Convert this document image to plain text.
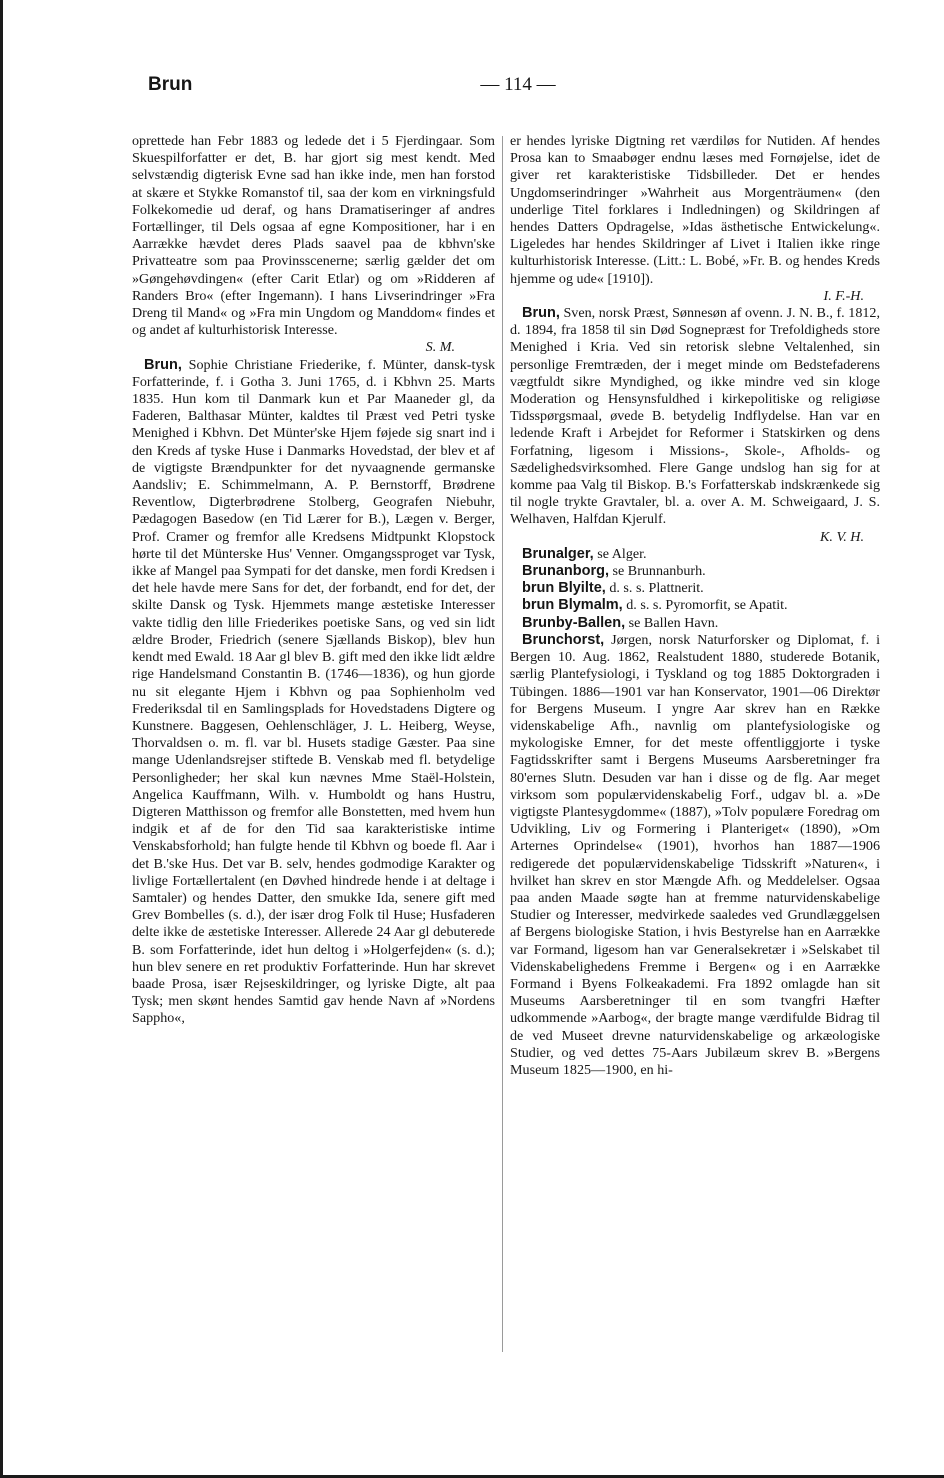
Brun	— 114 —

oprettede han Febr 1883 og ledede det i 5 Fjerdingaar. Som Skuespilforfatter er det, B. har gjort sig mest kendt. Med selvstændig digterisk Evne sad han ikke inde, men han forstod at skære et Stykke Romanstof til, saa der kom en virkningsfuld Folkekomedie ud deraf, og hans Dramatiseringer af andres Fortællinger, til Dels ogsaa af egne Kompositioner, har i en Aarrække hævdet deres Plads saavel paa de kbhvn'ske Privatteatre som paa Provinsscenerne; særlig gælder det om »Gøngehøvdingen« (efter Carit Etlar) og om »Ridderen af Randers Bro« (efter Ingemann). I hans Livserindringer »Fra Dreng til Mand« og »Fra min Ungdom og Manddom« findes et og andet af kulturhistorisk Interesse.
S. M.

Brun, Sophie Christiane Friederike, f. Münter, dansk-tysk Forfatterinde, f. i Gotha 3. Juni 1765, d. i Kbhvn 25. Marts 1835. Hun kom til Danmark kun et Par Maaneder gl, da Faderen, Balthasar Münter, kaldtes til Præst ved Petri tyske Menighed i Kbhvn. Det Münter'ske Hjem føjede sig snart ind i den Kreds af tyske Huse i Danmarks Hovedstad, der blev et af de vigtigste Brændpunkter for det nyvaagnende germanske Aandsliv; E. Schimmelmann, A. P. Bernstorff, Brødrene Reventlow, Digterbrødrene Stolberg, Geografen Niebuhr, Pædagogen Basedow (en Tid Lærer for B.), Lægen v. Berger, Prof. Cramer og fremfor alle Kredsens Midtpunkt Klopstock hørte til det Münterske Hus' Venner. Omgangssproget var Tysk, ikke af Mangel paa Sympati for det danske, men fordi Kredsen i det hele havde mere Sans for det, der forbandt, end for det, der skilte Dansk og Tysk. Hjemmets mange æstetiske Interesser vakte tidlig den lille Friederikes poetiske Sans, og ved sin lidt ældre Broder, Friedrich (senere Sjællands Biskop), blev hun kendt med Ewald. 18 Aar gl blev B. gift med den ikke lidt ældre rige Handelsmand Constantin B. (1746—1836), og hun gjorde nu sit elegante Hjem i Kbhvn og paa Sophienholm ved Frederiksdal til en Samlingsplads for Hovedstadens Digtere og Kunstnere. Baggesen, Oehlenschläger, J. L. Heiberg, Weyse, Thorvaldsen o. m. fl. var bl. Husets stadige Gæster. Paa sine mange Udenlandsrejser stiftede B. Venskab med fl. betydelige Personligheder; her skal kun nævnes Mme Staël-Holstein, Angelica Kauffmann, Wilh. v. Humboldt og hans Hustru, Digteren Matthisson og fremfor alle Bonstetten, med hvem hun indgik et af de for den Tid saa karakteristiske intime Venskabsforhold; han fulgte hende til Kbhvn og boede fl. Aar i det B.'ske Hus. Det var B. selv, hendes godmodige Karakter og livlige Fortællertalent (en Døvhed hindrede hende i at deltage i Samtaler) og hendes Datter, den smukke Ida, senere gift med Grev Bombelles (s. d.), der især drog Folk til Huse; Husfaderen delte ikke de æstetiske Interesser. Allerede 24 Aar gl debuterede B. som Forfatterinde, idet hun deltog i »Holgerfejden« (s. d.); hun blev senere en ret produktiv Forfatterinde. Hun har skrevet baade Prosa, især Rejseskildringer, og lyriske Digte, alt paa Tysk; men skønt hendes Samtid gav hende Navn af »Nordens Sappho«,

er hendes lyriske Digtning ret værdiløs for Nutiden. Af hendes Prosa kan to Smaabøger endnu læses med Fornøjelse, idet de giver ret karakteristiske Tidsbilleder. Det er hendes Ungdomserindringer »Wahrheit aus Morgenträumen« (den underlige Titel forklares i Indledningen) og Skildringen af hendes Datters Opdragelse, »Idas ästhetische Entwickelung«. Ligeledes har hendes Skildringer af Livet i Italien ikke ringe kulturhistorisk Interesse. (Litt.: L. Bobé, »Fr. B. og hendes Kreds hjemme og ude« [1910]).
I. F.-H.

Brun, Sven, norsk Præst, Sønnesøn af ovenn. J. N. B., f. 1812, d. 1894, fra 1858 til sin Død Sognepræst for Trefoldigheds store Menighed i Kria. Ved sin retorisk slebne Veltalenhed, sin personlige Fremtræden, der i meget minde om Bedstefaderens vægtfuldt sikre Myndighed, og ikke mindre ved sin kloge Moderation og Hensynsfuldhed i kirkepolitiske og religiøse Tidsspørgsmaal, øvede B. betydelig Indflydelse. Han var en ledende Kraft i Arbejdet for Reformer i Statskirken og dens Forfatning, ligesom i Missions-, Skole-, Afholds- og Sædelighedsvirksomhed. Flere Gange undslog han sig for at komme paa Valg til Biskop. B.'s Forfatterskab indskrænkede sig til nogle trykte Gravtaler, bl. a. over A. M. Schweigaard, J. S. Welhaven, Halfdan Kjerulf.
K. V. H.

Brunalger, se Alger.

Brunanborg, se Brunnanburh.

brun Blyilte, d. s. s. Plattnerit.

brun Blymalm, d. s. s. Pyromorfit, se Apatit.

Brunby-Ballen, se Ballen Havn.

Brunchorst, Jørgen, norsk Naturforsker og Diplomat, f. i Bergen 10. Aug. 1862, Realstudent 1880, studerede Botanik, særlig Plantefysiologi, i Tyskland og tog 1885 Doktorgraden i Tübingen. 1886—1901 var han Konservator, 1901—06 Direktør for Bergens Museum. I yngre Aar skrev han en Række videnskabelige Afh., navnlig om plantefysiologiske og mykologiske Emner, for det meste offentliggjorte i tyske Fagtidsskrifter samt i Bergens Museums Aarsberetninger fra 80'ernes Slutn. Desuden var han i disse og de flg. Aar meget virksom som populærvidenskabelig Forf., udgav bl. a. »De vigtigste Plantesygdomme« (1887), »Tolv populære Foredrag om Udvikling, Liv og Formering i Planteriget« (1890), »Om Arternes Oprindelse« (1901), hvorhos han 1887—1906 redigerede det populærvidenskabelige Tidsskrift »Naturen«, i hvilket han skrev en stor Mængde Afh. og Meddelelser. Ogsaa paa anden Maade søgte han at fremme naturvidenskabelige Studier og Interesser, medvirkede saaledes ved Grundlæggelsen af Bergens biologiske Station, i hvis Bestyrelse han en Aarrække var Formand, ligesom han var Generalsekretær i »Selskabet til Videnskabelighedens Fremme i Bergen« og i en Aarrække Formand i Byens Folkeakademi. Fra 1892 omlagde han sit Museums Aarsberetninger til en som tvangfri Hæfter udkommende »Aarbog«, der bragte mange værdifulde Bidrag til de ved Museet drevne naturvidenskabelige og arkæologiske Studier, og ved dettes 75-Aars Jubilæum skrev B. »Bergens Museum 1825—1900, en hi-
